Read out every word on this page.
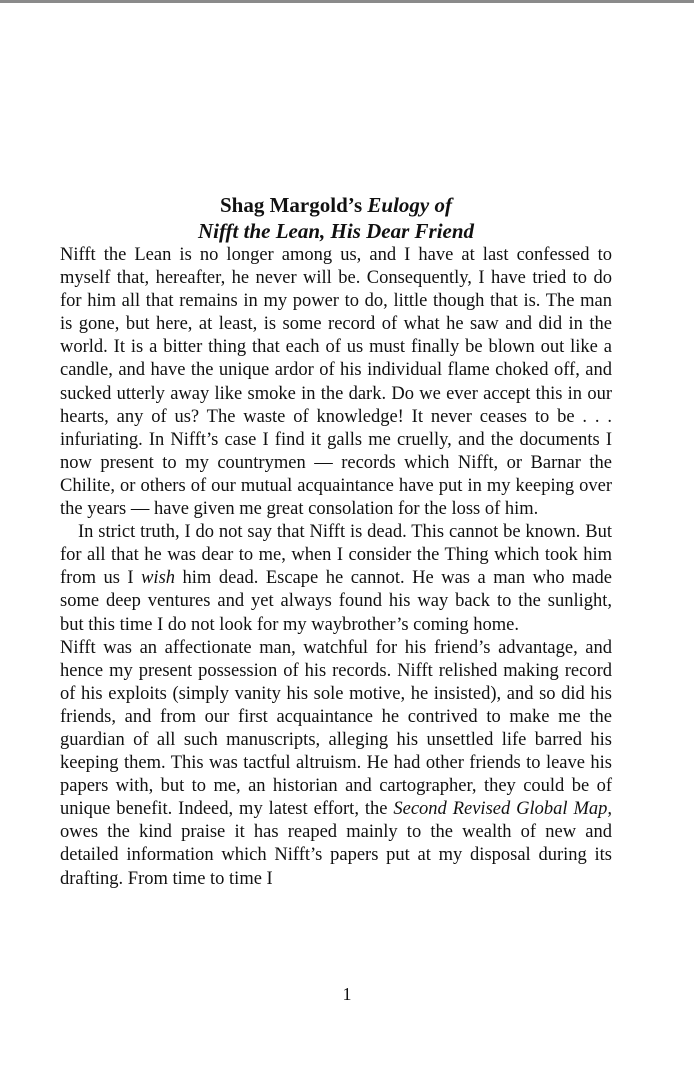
Shag Margold’s Eulogy of
Nifft the Lean, His Dear Friend

Nifft the Lean is no longer among us, and I have at last confessed to myself that, hereafter, he never will be. Consequently, I have tried to do for him all that remains in my power to do, little though that is. The man is gone, but here, at least, is some record of what he saw and did in the world. It is a bitter thing that each of us must finally be blown out like a candle, and have the unique ardor of his individual flame choked off, and sucked utterly away like smoke in the dark. Do we ever accept this in our hearts, any of us? The waste of knowledge! It never ceases to be . . . infuriating. In Nifft’s case I find it galls me cruelly, and the documents I now present to my countrymen — records which Nifft, or Barnar the Chilite, or others of our mutual acquaintance have put in my keeping over the years — have given me great consolation for the loss of him.

In strict truth, I do not say that Nifft is dead. This cannot be known. But for all that he was dear to me, when I consider the Thing which took him from us I wish him dead. Escape he cannot. He was a man who made some deep ventures and yet always found his way back to the sunlight, but this time I do not look for my waybrother’s coming home.

Nifft was an affectionate man, watchful for his friend’s advantage, and hence my present possession of his records. Nifft relished making record of his exploits (simply vanity his sole motive, he insisted), and so did his friends, and from our first acquaintance he contrived to make me the guardian of all such manuscripts, alleging his unsettled life barred his keeping them. This was tactful altruism. He had other friends to leave his papers with, but to me, an historian and cartographer, they could be of unique benefit. Indeed, my latest effort, the Second Revised Global Map, owes the kind praise it has reaped mainly to the wealth of new and detailed information which Nifft’s papers put at my disposal during its drafting. From time to time I

1
